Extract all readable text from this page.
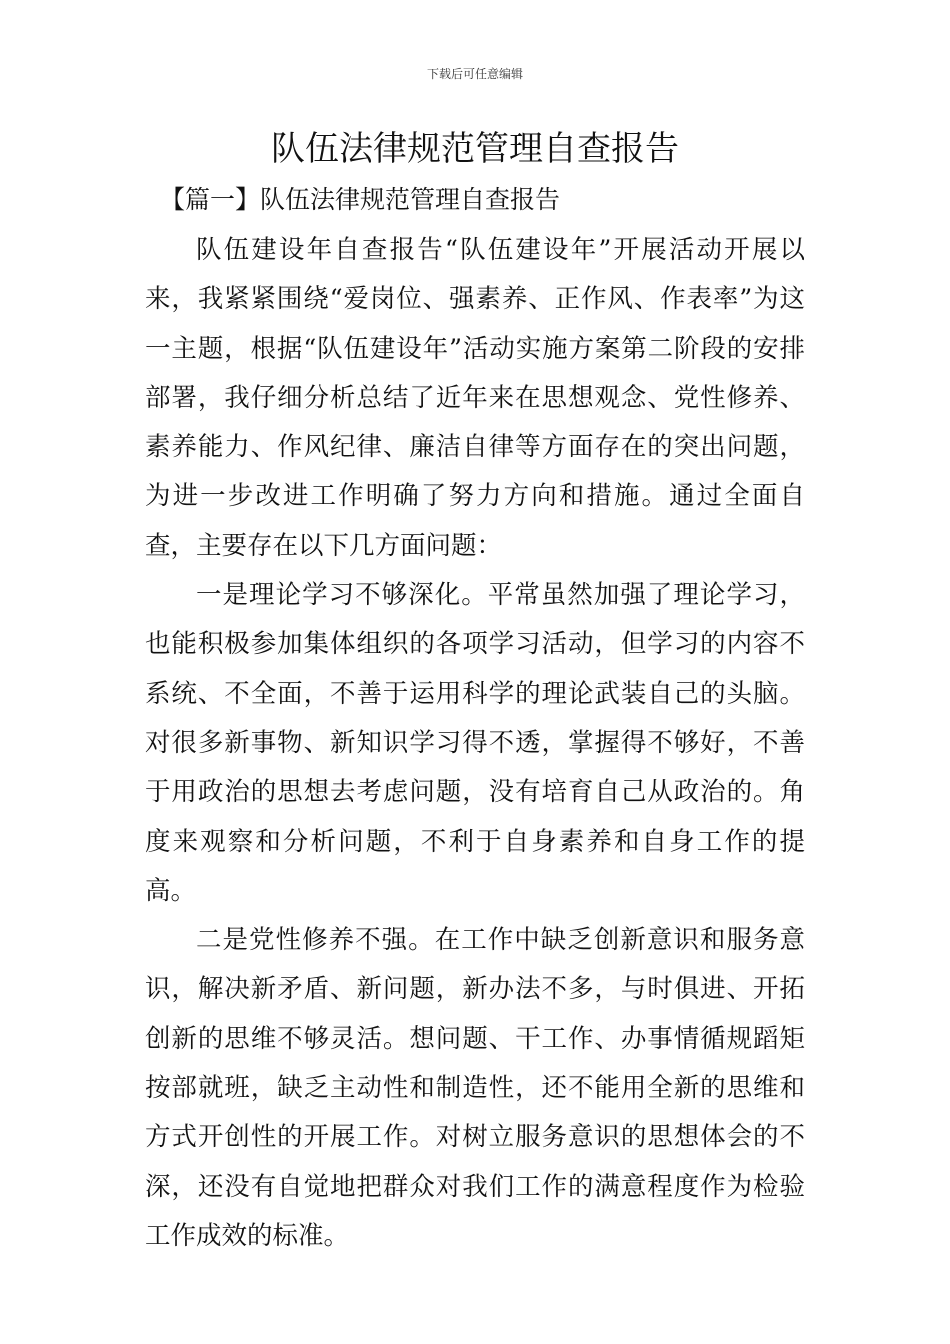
下载后可任意编辑
队伍法律规范管理自查报告

【篇一】队伍法律规范管理自查报告

队伍建设年自查报告“队伍建设年”开展活动开展以来，我紧紧围绕“爱岗位、强素养、正作风、作表率”为这一主题，根据“队伍建设年”活动实施方案第二阶段的安排部署，我仔细分析总结了近年来在思想观念、党性修养、素养能力、作风纪律、廉洁自律等方面存在的突出问题，为进一步改进工作明确了努力方向和措施。通过全面自查，主要存在以下几方面问题：

一是理论学习不够深化。平常虽然加强了理论学习，也能积极参加集体组织的各项学习活动，但学习的内容不系统、不全面，不善于运用科学的理论武装自己的头脑。对很多新事物、新知识学习得不透，掌握得不够好，不善于用政治的思想去考虑问题，没有培育自己从政治的。角度来观察和分析问题，不利于自身素养和自身工作的提高。

二是党性修养不强。在工作中缺乏创新意识和服务意识，解决新矛盾、新问题，新办法不多，与时俱进、开拓创新的思维不够灵活。想问题、干工作、办事情循规蹈矩按部就班，缺乏主动性和制造性，还不能用全新的思维和方式开创性的开展工作。对树立服务意识的思想体会的不深，还没有自觉地把群众对我们工作的满意程度作为检验工作成效的标准。
